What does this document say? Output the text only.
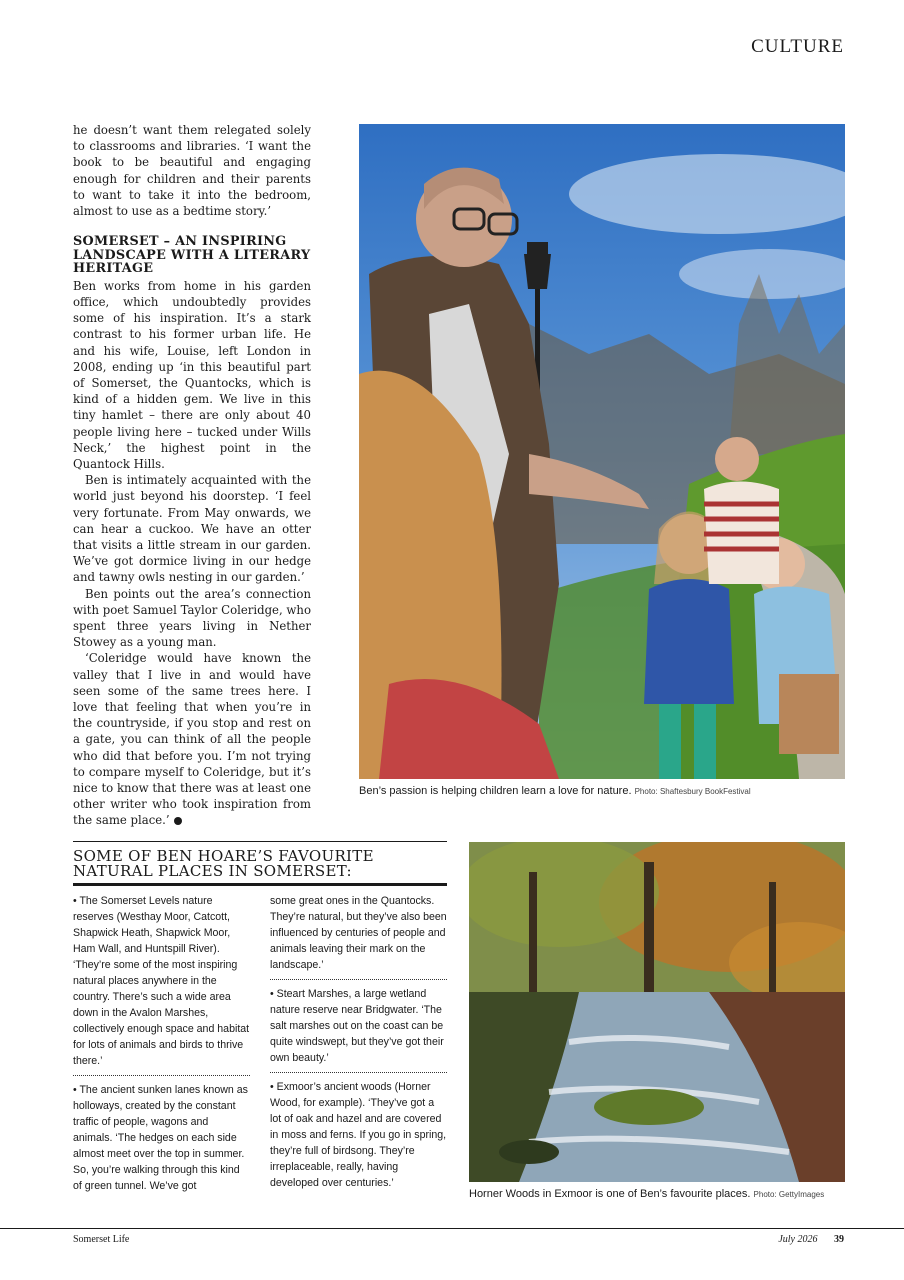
CULTURE

he doesn’t want them relegated solely to classrooms and libraries. ‘I want the book to be beautiful and engaging enough for children and their parents to want to take it into the bedroom, almost to use as a bedtime story.’

SOMERSET – AN INSPIRING LANDSCAPE WITH A LITERARY HERITAGE

Ben works from home in his garden office, which undoubtedly provides some of his inspiration. It’s a stark contrast to his former urban life. He and his wife, Louise, left London in 2008, ending up ‘in this beautiful part of Somerset, the Quantocks, which is kind of a hidden gem. We live in this tiny hamlet – there are only about 40 people living here – tucked under Wills Neck,’ the highest point in the Quantock Hills.

Ben is intimately acquainted with the world just beyond his doorstep. ‘I feel very fortunate. From May onwards, we can hear a cuckoo. We have an otter that visits a little stream in our garden. We’ve got dormice living in our hedge and tawny owls nesting in our garden.’

Ben points out the area’s connection with poet Samuel Taylor Coleridge, who spent three years living in Nether Stowey as a young man.

‘Coleridge would have known the valley that I live in and would have seen some of the same trees here. I love that feeling that when you’re in the countryside, if you stop and rest on a gate, you can think of all the people who did that before you. I’m not trying to compare myself to Coleridge, but it’s nice to know that there was at least one other writer who took inspiration from the same place.’

Ben’s passion is helping children learn a love for nature. Photo: Shaftesbury BookFestival
SOME OF BEN HOARE’S FAVOURITE
NATURAL PLACES IN SOMERSET:

• The Somerset Levels nature reserves (Westhay Moor, Catcott, Shapwick Heath, Shapwick Moor, Ham Wall, and Huntspill River). ‘They’re some of the most inspiring natural places anywhere in the country. There’s such a wide area down in the Avalon Marshes, collectively enough space and habitat for lots of animals and birds to thrive there.’

• The ancient sunken lanes known as holloways, created by the constant traffic of people, wagons and animals. ‘The hedges on each side almost meet over the top in summer. So, you’re walking through this kind of green tunnel. We’ve got

some great ones in the Quantocks. They’re natural, but they’ve also been influenced by centuries of people and animals leaving their mark on the landscape.’

• Steart Marshes, a large wetland nature reserve near Bridgwater. ‘The salt marshes out on the coast can be quite windswept, but they’ve got their own beauty.’

• Exmoor’s ancient woods (Horner Wood, for example). ‘They’ve got a lot of oak and hazel and are covered in moss and ferns. If you go in spring, they’re full of birdsong. They’re irreplaceable, really, having developed over centuries.’

Horner Woods in Exmoor is one of Ben’s favourite places. Photo: GettyImages
Somerset Life	July 2026 39
